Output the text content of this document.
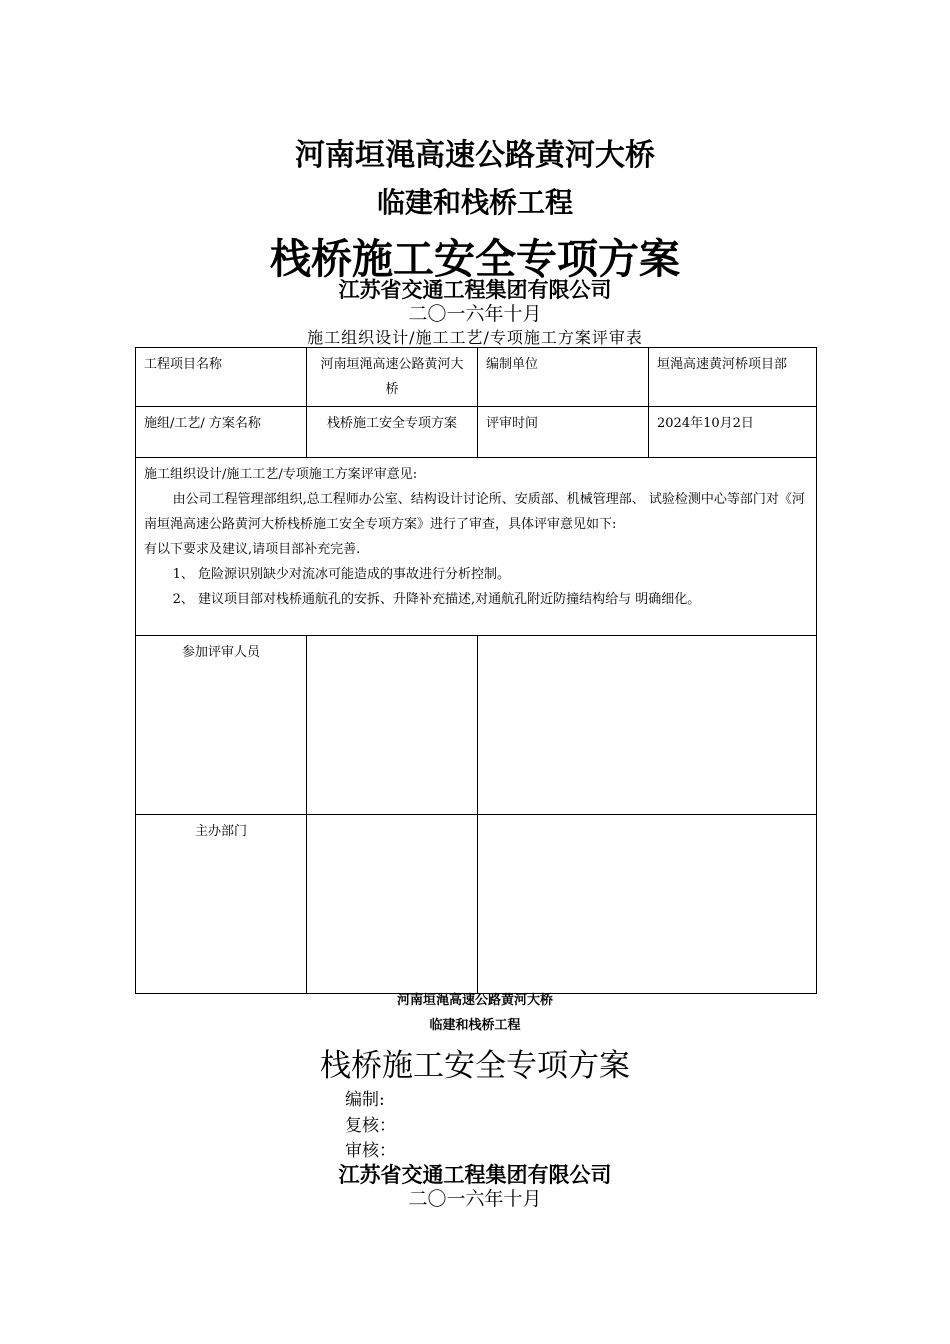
河南垣渑高速公路黄河大桥
临建和栈桥工程
栈桥施工安全专项方案
江苏省交通工程集团有限公司
二〇一六年十月
施工组织设计/施工工艺/专项施工方案评审表
工程项目名称	河南垣渑高速公路黄河大桥	编制单位	垣渑高速黄河桥项目部
施组/工艺/ 方案名称	栈桥施工安全专项方案	评审时间	2024年10月2日

施工组织设计/施工工艺/专项施工方案评审意见:

由公司工程管理部组织,总工程师办公室、结构设计讨论所、安质部、机械管理部、 试验检测中心等部门对《河南垣渑高速公路黄河大桥栈桥施工安全专项方案》进行了审查，具体评审意见如下:

有以下要求及建议,请项目部补充完善.

1、 危险源识别缺少对流冰可能造成的事故进行分析控制。

2、 建议项目部对栈桥通航孔的安拆、升降补充描述,对通航孔附近防撞结构给与 明确细化。			

参加评审人员			
主办部门			
河南垣渑高速公路黄河大桥
临建和栈桥工程
栈桥施工安全专项方案
编制:
复核：
审核：
江苏省交通工程集团有限公司
二〇一六年十月
